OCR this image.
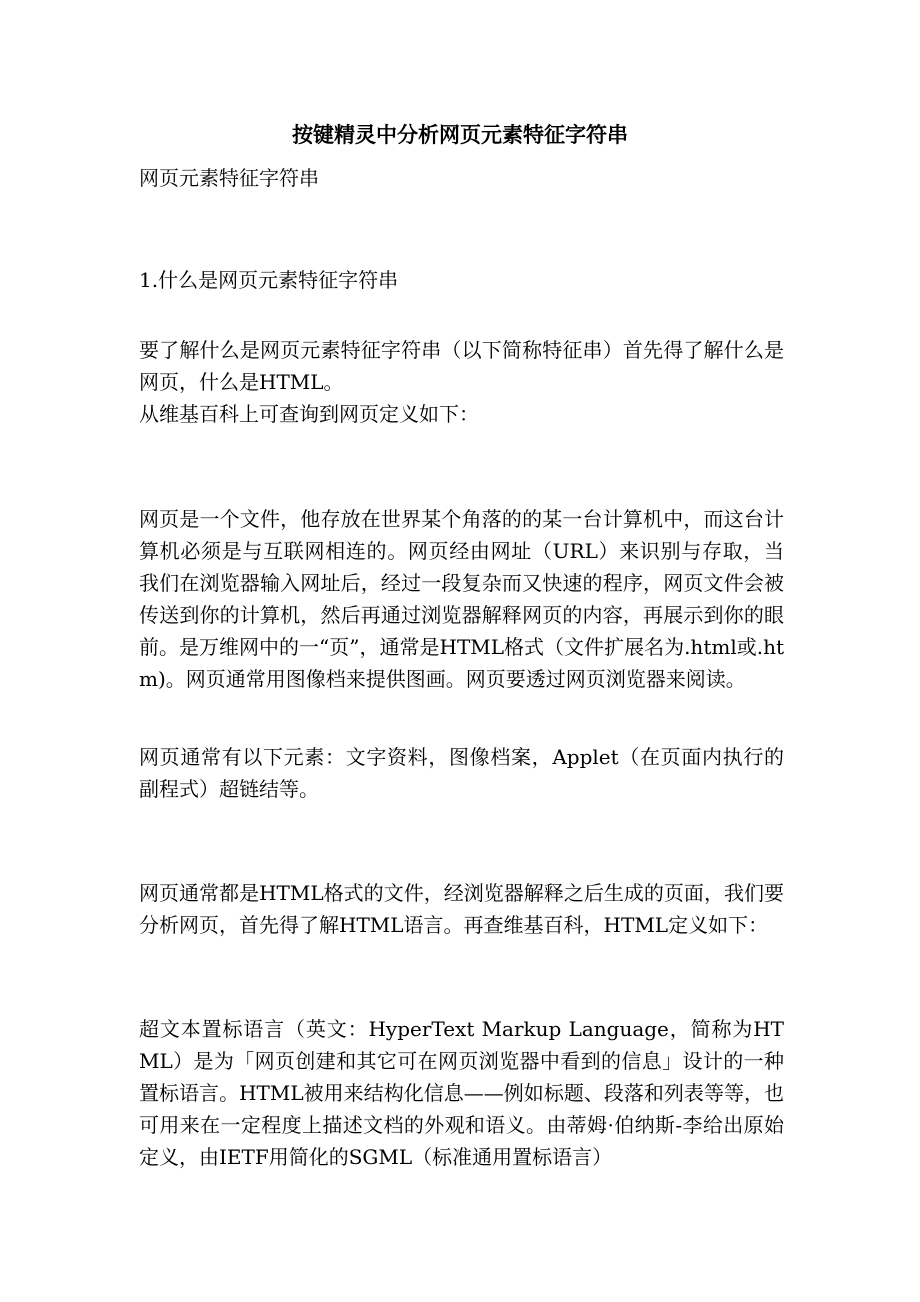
按键精灵中分析网页元素特征字符串

网页元素特征字符串

1.什么是网页元素特征字符串

要了解什么是网页元素特征字符串（以下简称特征串）首先得了解什么是网页，什么是HTML。

从维基百科上可查询到网页定义如下：

网页是一个文件，他存放在世界某个角落的的某一台计算机中，而这台计算机必须是与互联网相连的。网页经由网址（URL）来识别与存取，当我们在浏览器输入网址后，经过一段复杂而又快速的程序，网页文件会被传送到你的计算机，然后再通过浏览器解释网页的内容，再展示到你的眼前。是万维网中的一“页”，通常是HTML格式（文件扩展名为.html或.htm)。网页通常用图像档来提供图画。网页要透过网页浏览器来阅读。

网页通常有以下元素：文字资料，图像档案，Applet（在页面内执行的副程式）超链结等。

网页通常都是HTML格式的文件，经浏览器解释之后生成的页面，我们要分析网页，首先得了解HTML语言。再查维基百科，HTML定义如下：

超文本置标语言（英文：HyperText Markup Language，简称为HTML）是为「网页创建和其它可在网页浏览器中看到的信息」设计的一种置标语言。HTML被用来结构化信息——例如标题、段落和列表等等，也可用来在一定程度上描述文档的外观和语义。由蒂姆·伯纳斯-李给出原始定义，由IETF用简化的SGML（标准通用置标语言）
